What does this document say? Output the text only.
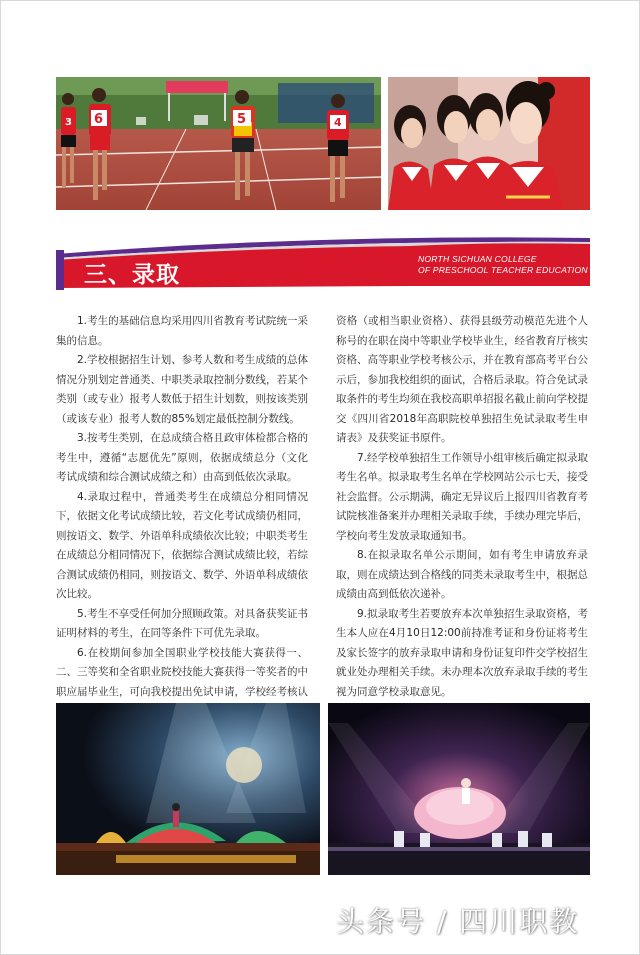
3 6	5	4
三、录取
NORTH SICHUAN COLLEGE
OF PRESCHOOL TEACHER EDUCATION

1.考生的基础信息均采用四川省教育考试院统一采集的信息。

2.学校根据招生计划、参考人数和考生成绩的总体情况分别划定普通类、中职类录取控制分数线，若某个类别（或专业）报考人数低于招生计划数，则按该类别（或该专业）报考人数的85%划定最低控制分数线。

3.按考生类别，在总成绩合格且政审体检都合格的考生中，遵循“志愿优先”原则，依据成绩总分（文化考试成绩和综合测试成绩之和）由高到低依次录取。

4.录取过程中，普通类考生在成绩总分相同情况下，依据文化考试成绩比较，若文化考试成绩仍相同，则按语文、数学、外语单科成绩依次比较；中职类考生在成绩总分相同情况下，依据综合测试成绩比较，若综合测试成绩仍相同，则按语文、数学、外语单科成绩依次比较。

5.考生不享受任何加分照顾政策。对具备获奖证书证明材料的考生，在同等条件下可优先录取。

6.在校期间参加全国职业学校技能大赛获得一、二、三等奖和全省职业院校技能大赛获得一等奖者的中职应届毕业生，可向我校提出免试申请，学校经考核认

资格（或相当职业资格）、获得县级劳动模范先进个人称号的在职在岗中等职业学校毕业生，经省教育厅核实资格、高等职业学校考核公示，并在教育部高考平台公示后，参加我校组织的面试，合格后录取。符合免试录取条件的考生均须在我校高职单招报名截止前向学校提交《四川省2018年高职院校单独招生免试录取考生申请表》及获奖证书原件。

7.经学校单独招生工作领导小组审核后确定拟录取考生名单。拟录取考生名单在学校网站公示七天，接受社会监督。公示期满，确定无异议后上报四川省教育考试院核准备案并办理相关录取手续，手续办理完毕后，学校向考生发放录取通知书。

8.在拟录取名单公示期间，如有考生申请放弃录取，则在成绩达到合格线的同类未录取考生中，根据总成绩由高到低依次递补。

9.拟录取考生若要放弃本次单独招生录取资格，考生本人应在4月10日12:00前持准考证和身份证将考生及家长签字的放弃录取申请和身份证复印件交学校招生就业处办理相关手续。未办理本次放弃录取手续的考生视为同意学校录取意见。

头条号 / 四川职教
